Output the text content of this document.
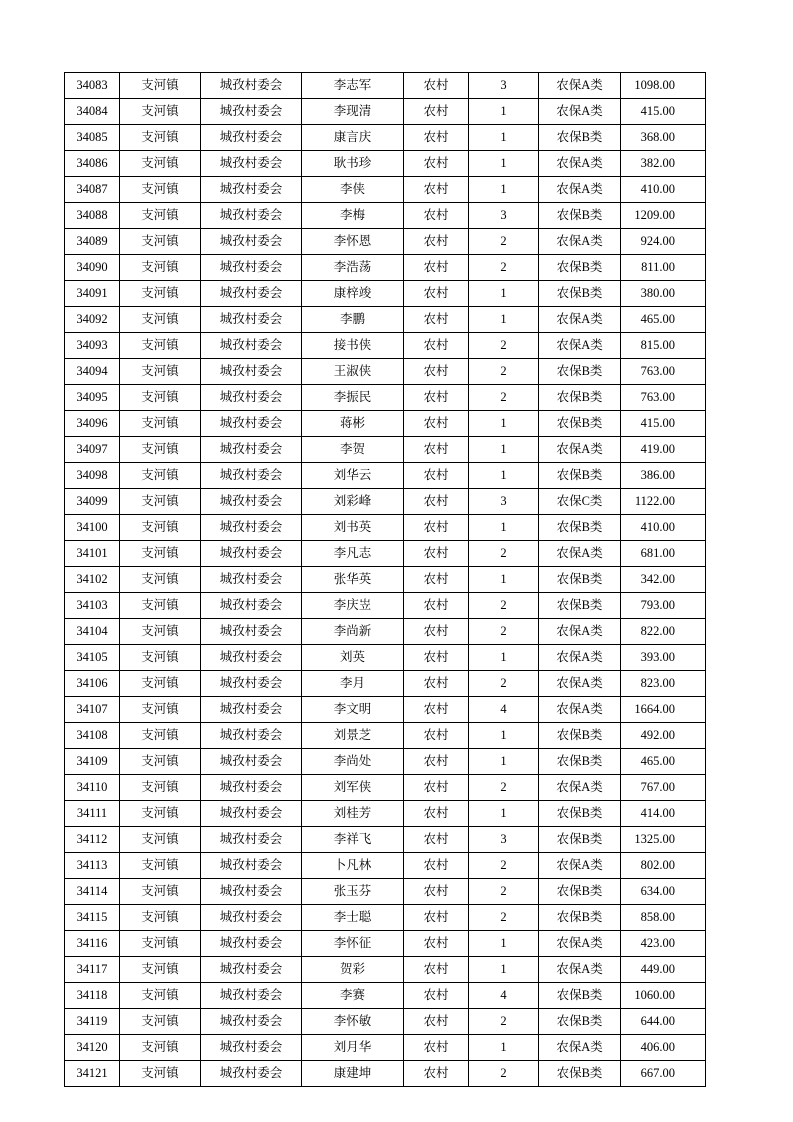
34083	支河镇	城孜村委会	李志军	农村	3	农保A类	1098.00
34084	支河镇	城孜村委会	李现清	农村	1	农保A类	415.00
34085	支河镇	城孜村委会	康言庆	农村	1	农保B类	368.00
34086	支河镇	城孜村委会	耿书珍	农村	1	农保A类	382.00
34087	支河镇	城孜村委会	李侠	农村	1	农保A类	410.00
34088	支河镇	城孜村委会	李梅	农村	3	农保B类	1209.00
34089	支河镇	城孜村委会	李怀恩	农村	2	农保A类	924.00
34090	支河镇	城孜村委会	李浩荡	农村	2	农保B类	811.00
34091	支河镇	城孜村委会	康梓竣	农村	1	农保B类	380.00
34092	支河镇	城孜村委会	李鹏	农村	1	农保A类	465.00
34093	支河镇	城孜村委会	接书侠	农村	2	农保A类	815.00
34094	支河镇	城孜村委会	王淑侠	农村	2	农保B类	763.00
34095	支河镇	城孜村委会	李振民	农村	2	农保B类	763.00
34096	支河镇	城孜村委会	蒋彬	农村	1	农保B类	415.00
34097	支河镇	城孜村委会	李贺	农村	1	农保A类	419.00
34098	支河镇	城孜村委会	刘华云	农村	1	农保B类	386.00
34099	支河镇	城孜村委会	刘彩峰	农村	3	农保C类	1122.00
34100	支河镇	城孜村委会	刘书英	农村	1	农保B类	410.00
34101	支河镇	城孜村委会	李凡志	农村	2	农保A类	681.00
34102	支河镇	城孜村委会	张华英	农村	1	农保B类	342.00
34103	支河镇	城孜村委会	李庆岦	农村	2	农保B类	793.00
34104	支河镇	城孜村委会	李尚新	农村	2	农保A类	822.00
34105	支河镇	城孜村委会	刘英	农村	1	农保A类	393.00
34106	支河镇	城孜村委会	李月	农村	2	农保A类	823.00
34107	支河镇	城孜村委会	李文明	农村	4	农保A类	1664.00
34108	支河镇	城孜村委会	刘景芝	农村	1	农保B类	492.00
34109	支河镇	城孜村委会	李尚处	农村	1	农保B类	465.00
34110	支河镇	城孜村委会	刘军侠	农村	2	农保A类	767.00
34111	支河镇	城孜村委会	刘桂芳	农村	1	农保B类	414.00
34112	支河镇	城孜村委会	李祥飞	农村	3	农保B类	1325.00
34113	支河镇	城孜村委会	卜凡林	农村	2	农保A类	802.00
34114	支河镇	城孜村委会	张玉芬	农村	2	农保B类	634.00
34115	支河镇	城孜村委会	李士聪	农村	2	农保B类	858.00
34116	支河镇	城孜村委会	李怀征	农村	1	农保A类	423.00
34117	支河镇	城孜村委会	贺彩	农村	1	农保A类	449.00
34118	支河镇	城孜村委会	李赛	农村	4	农保B类	1060.00
34119	支河镇	城孜村委会	李怀敏	农村	2	农保B类	644.00
34120	支河镇	城孜村委会	刘月华	农村	1	农保A类	406.00
34121	支河镇	城孜村委会	康建坤	农村	2	农保B类	667.00
